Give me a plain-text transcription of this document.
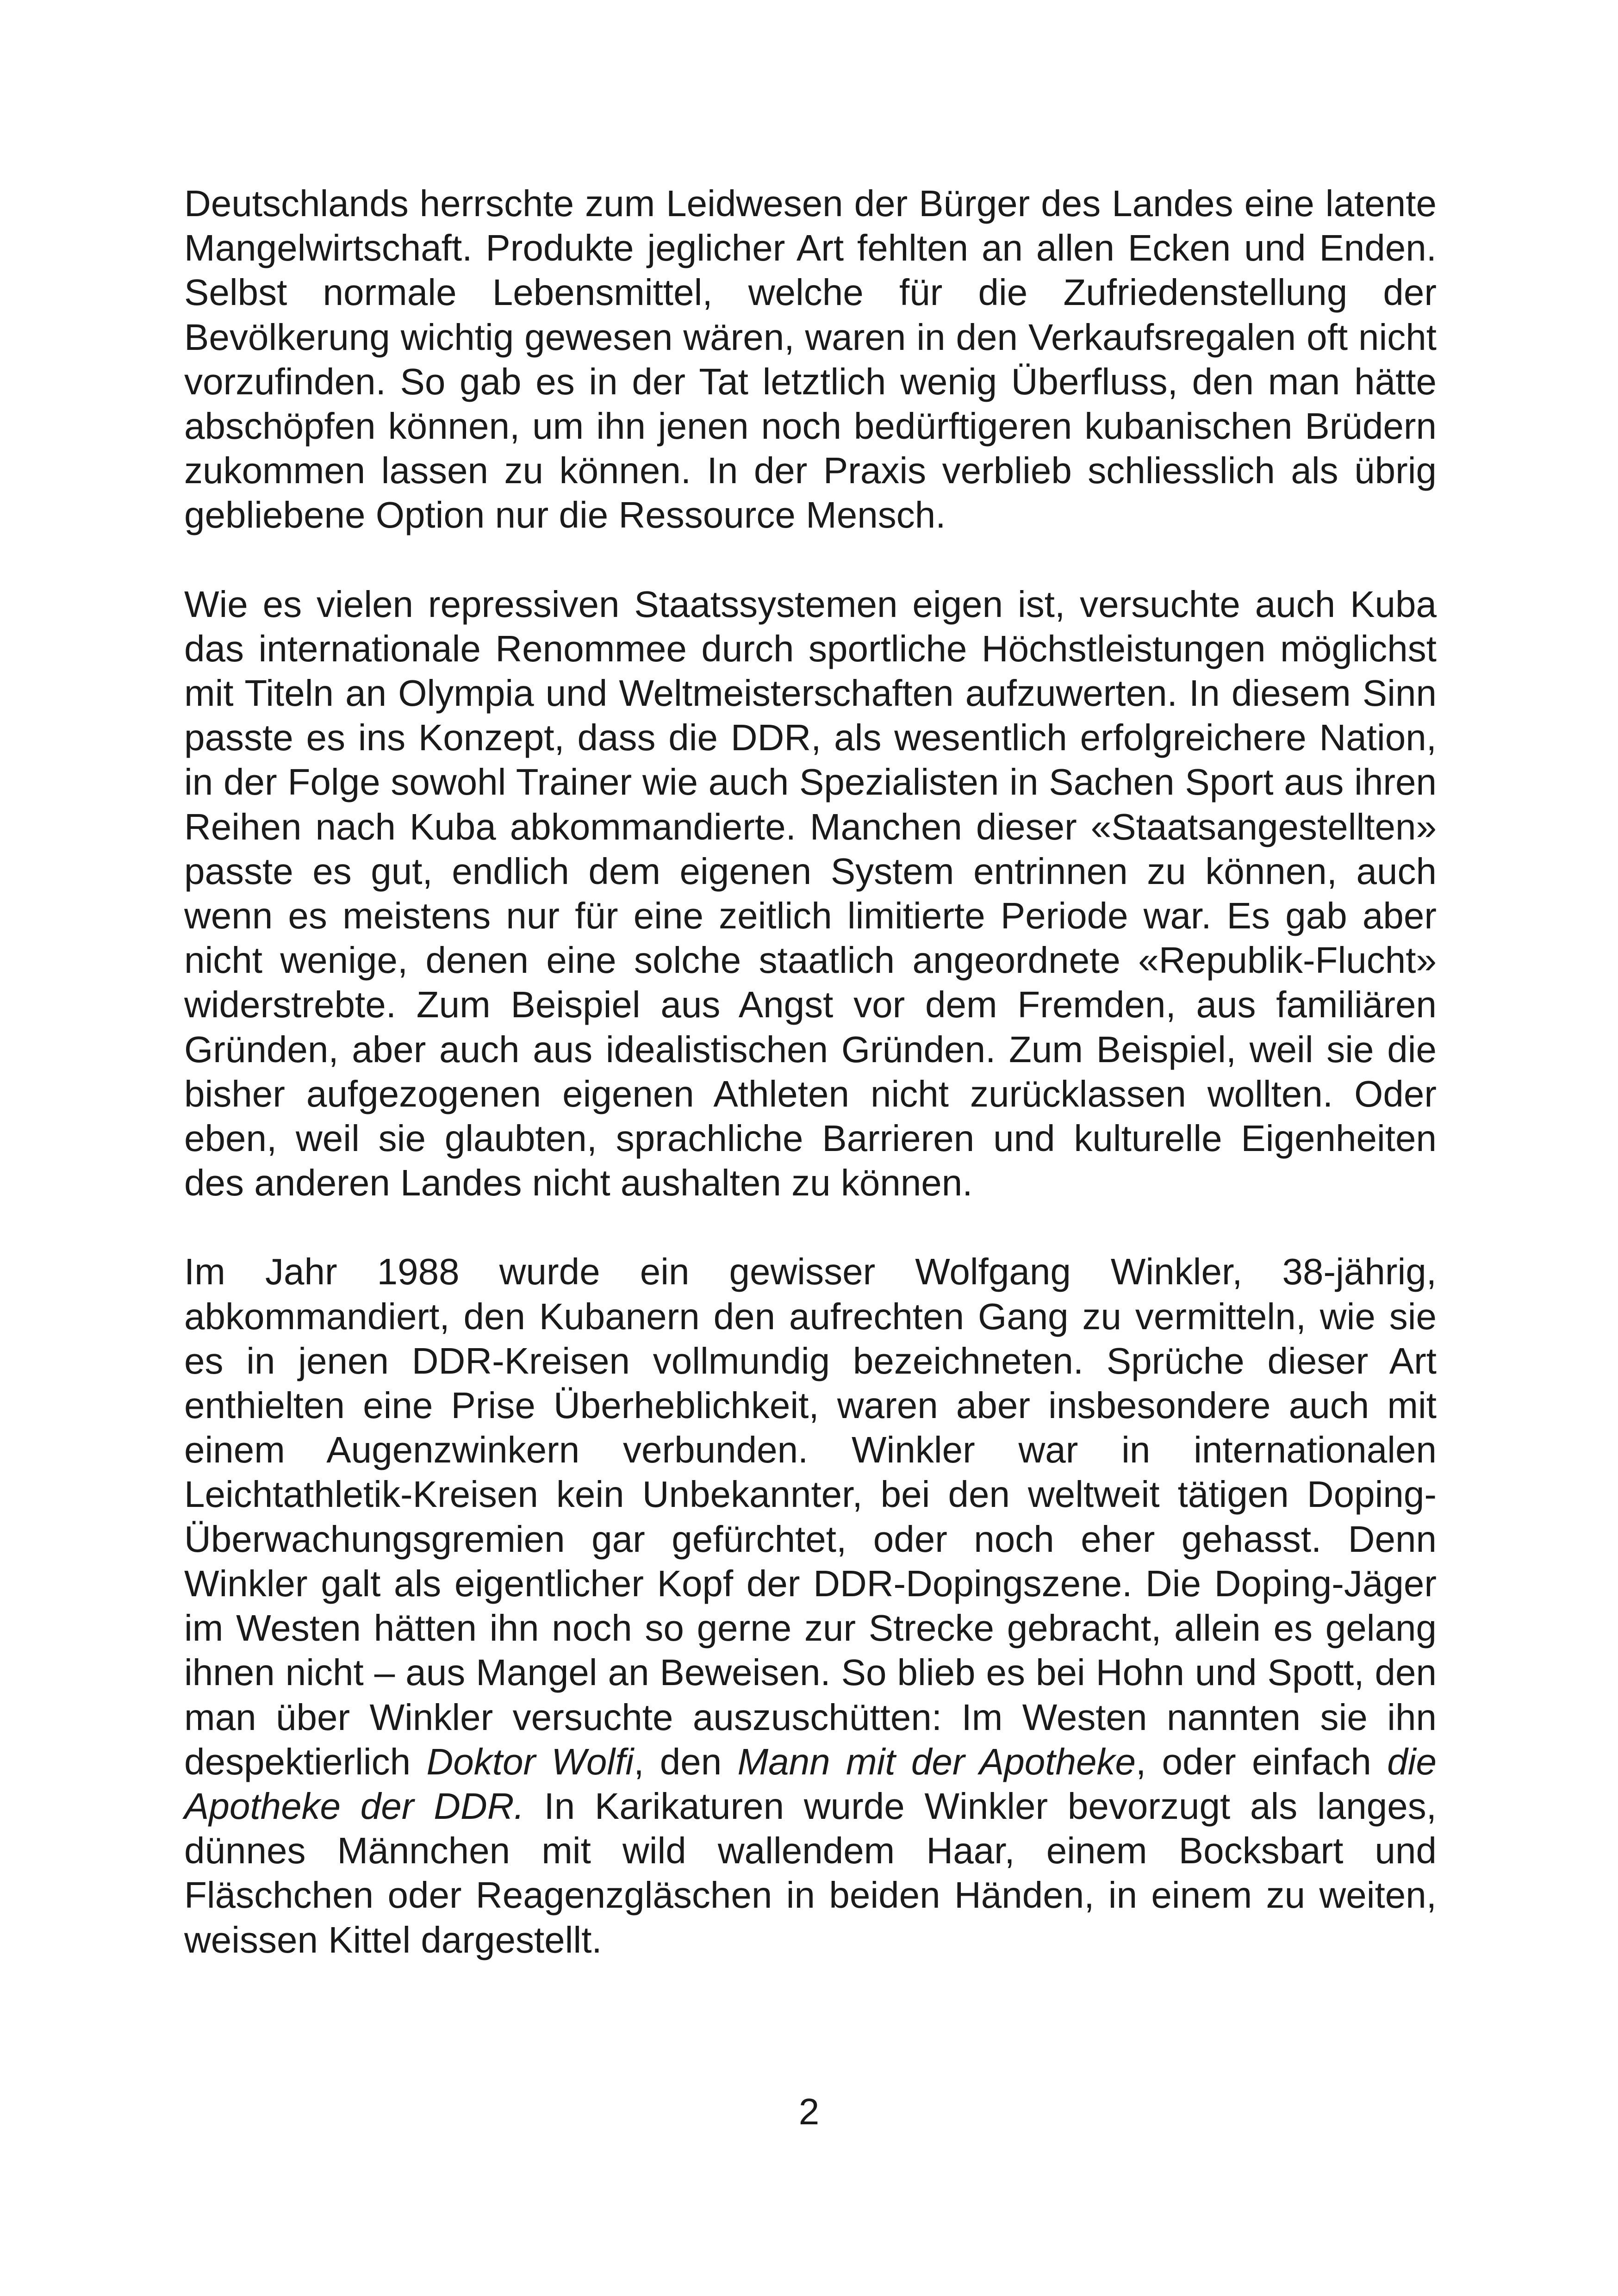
Deutschlands herrschte zum Leidwesen der Bürger des Landes eine latente Mangelwirtschaft. Produkte jeglicher Art fehlten an allen Ecken und Enden. Selbst normale Lebensmittel, welche für die Zufriedenstellung der Bevölkerung wichtig gewesen wären, waren in den Verkaufsregalen oft nicht vorzufinden. So gab es in der Tat letztlich wenig Überfluss, den man hätte abschöpfen können, um ihn jenen noch bedürftigeren kubanischen Brüdern zukommen lassen zu können. In der Praxis verblieb schliesslich als übrig gebliebene Option nur die Ressource Mensch.

Wie es vielen repressiven Staatssystemen eigen ist, versuchte auch Kuba das internationale Renommee durch sportliche Höchstleistungen möglichst mit Titeln an Olympia und Weltmeisterschaften aufzuwerten. In diesem Sinn passte es ins Konzept, dass die DDR, als wesentlich erfolgreichere Nation, in der Folge sowohl Trainer wie auch Spezialisten in Sachen Sport aus ihren Reihen nach Kuba abkommandierte. Manchen dieser «Staatsangestellten» passte es gut, endlich dem eigenen System entrinnen zu können, auch wenn es meistens nur für eine zeitlich limitierte Periode war. Es gab aber nicht wenige, denen eine solche staatlich angeordnete «Republik-Flucht» widerstrebte. Zum Beispiel aus Angst vor dem Fremden, aus familiären Gründen, aber auch aus idealistischen Gründen. Zum Beispiel, weil sie die bisher aufgezogenen eigenen Athleten nicht zurücklassen wollten. Oder eben, weil sie glaubten, sprachliche Barrieren und kulturelle Eigenheiten des anderen Landes nicht aushalten zu können.

Im Jahr 1988 wurde ein gewisser Wolfgang Winkler, 38-jährig, abkommandiert, den Kubanern den aufrechten Gang zu vermitteln, wie sie es in jenen DDR-Kreisen vollmundig bezeichneten. Sprüche dieser Art enthielten eine Prise Überheblichkeit, waren aber insbesondere auch mit einem Augenzwinkern verbunden. Winkler war in internationalen Leichtathletik-Kreisen kein Unbekannter, bei den weltweit tätigen Doping-Überwachungsgremien gar gefürchtet, oder noch eher gehasst. Denn Winkler galt als eigentlicher Kopf der DDR-Dopingszene. Die Doping-Jäger im Westen hätten ihn noch so gerne zur Strecke gebracht, allein es gelang ihnen nicht – aus Mangel an Beweisen. So blieb es bei Hohn und Spott, den man über Winkler versuchte auszuschütten: Im Westen nannten sie ihn despektierlich Doktor Wolfi, den Mann mit der Apotheke, oder einfach die Apotheke der DDR. In Karikaturen wurde Winkler bevorzugt als langes, dünnes Männchen mit wild wallendem Haar, einem Bocksbart und Fläschchen oder Reagenzgläschen in beiden Händen, in einem zu weiten, weissen Kittel dargestellt.

2
